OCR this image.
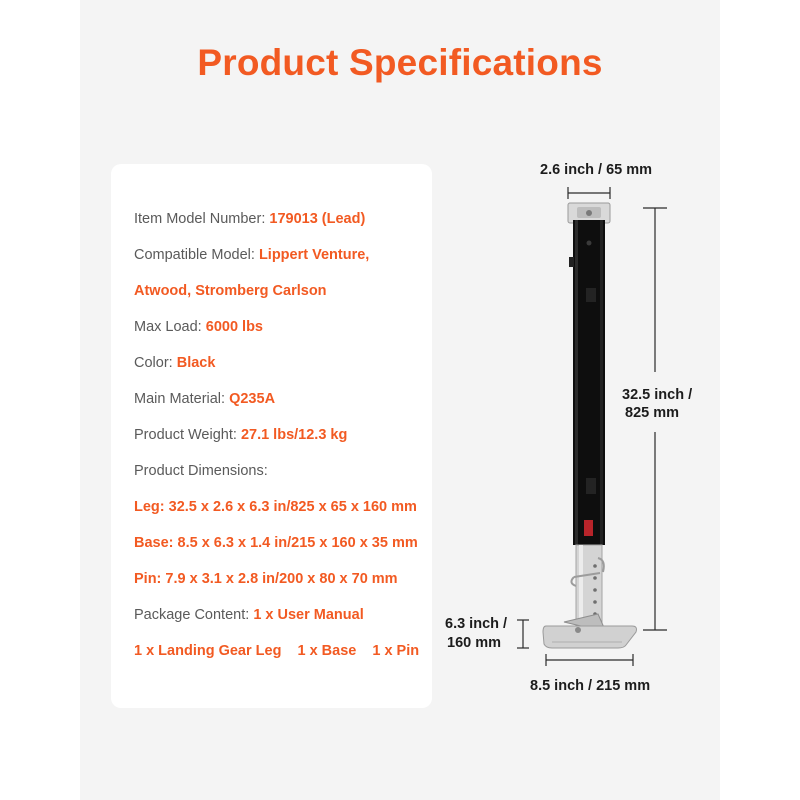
Product Specifications
Item Model Number: 179013 (Lead)
Compatible Model: Lippert Venture,
Atwood, Stromberg Carlson
Max Load: 6000 lbs
Color: Black
Main Material: Q235A
Product Weight: 27.1 lbs/12.3 kg
Product Dimensions:
Leg: 32.5 x 2.6 x 6.3 in/825 x 65 x 160 mm
Base: 8.5 x 6.3 x 1.4 in/215 x 160 x 35 mm
Pin: 7.9 x 3.1 x 2.8 in/200 x 80 x 70 mm
Package Content: 1 x User Manual
1 x Landing Gear Leg 1 x Base 1 x Pin
2.6 inch / 65 mm
32.5 inch /
825 mm
6.3 inch /
160 mm
8.5 inch / 215 mm
